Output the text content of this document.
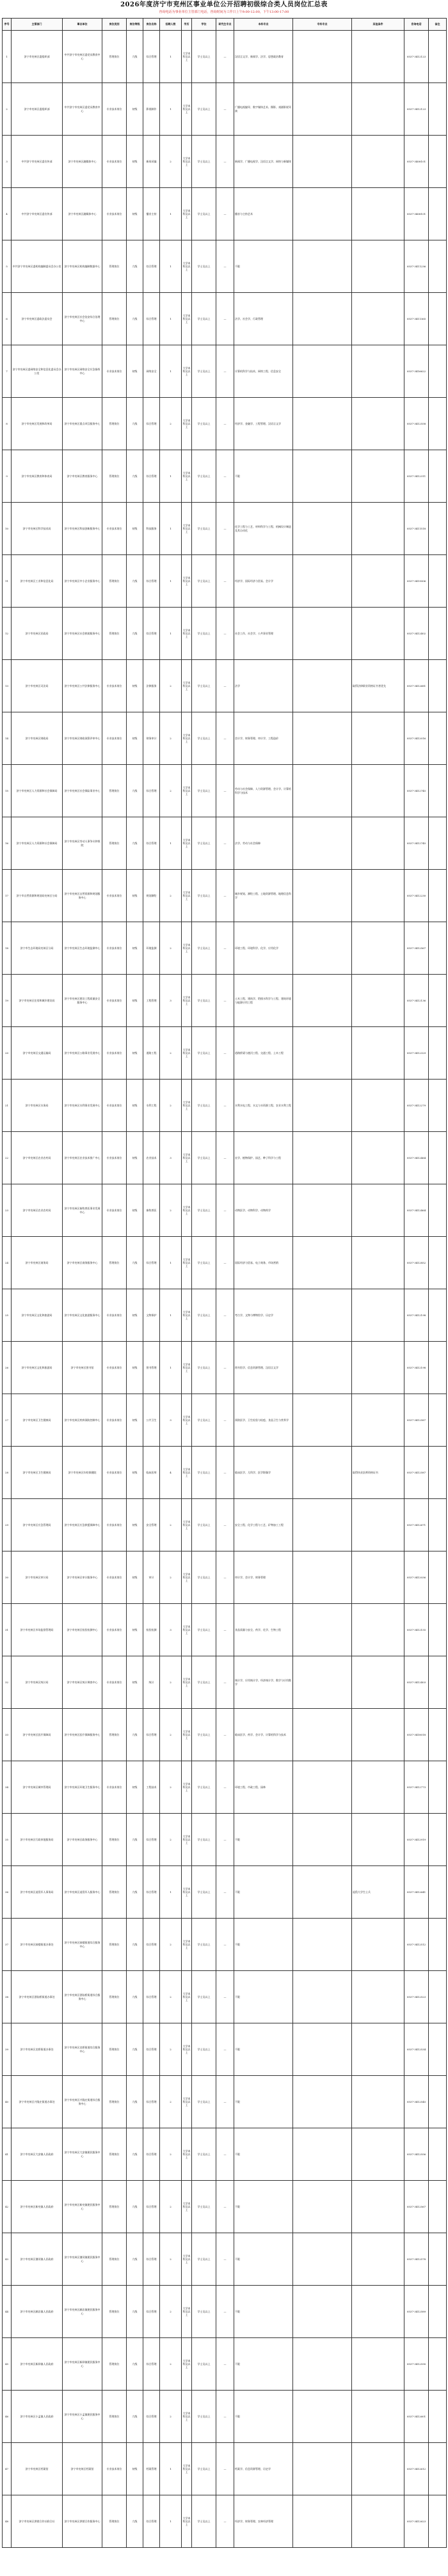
2026年度济宁市兖州区事业单位公开招聘初级综合类人员岗位汇总表
咨询电话为事业单位主管部门电话，咨询时间为工作日上午9:00-12:00，下午13:00-17:00
序号	主管部门	事业单位	岗位类别	岗位等级	岗位名称	招聘人数	学历	学位	研究生专业	本科专业	专科专业	其他条件	咨询电话	备注
1	济宁市兖州区委组织部	中共济宁市兖州区委党员教育中心	管理岗位	九级	综合管理	1	大学本科及以上	学士及以上	—	汉语言文学、新闻学、法学、思想政治教育			0537-3412123	
2	济宁市兖州区委组织部	中共济宁市兖州区委党员教育中心	专业技术岗位	初级	影视制作	1	大学本科及以上	学士及以上	—	广播电视编导、数字媒体艺术、摄影、戏剧影视导演			0537-3412123	
3	中共济宁市兖州区委宣传部	济宁市兖州区融媒体中心	专业技术岗位	初级	新闻采编	2	大学本科及以上	学士及以上	—	新闻学、广播电视学、汉语言文学、网络与新媒体			0537-3408101	
4	中共济宁市兖州区委宣传部	济宁市兖州区融媒体中心	专业技术岗位	初级	播音主持	1	大学本科及以上	学士及以上	—	播音与主持艺术			0537-3408101	
5	中共济宁市兖州区委机构编制委员会办公室	济宁市兖州区机构编制数据中心	管理岗位	九级	综合管理	1	大学本科及以上	学士及以上	—	不限			0537-3411236	
6	济宁市兖州区委政法委员会	济宁市兖州区社会治安综合治理中心	管理岗位	九级	综合管理	1	大学本科及以上	学士及以上	—	法学、社会学、行政管理			0537-3411365	
7	济宁市兖州区委网络安全和信息化委员会办公室	济宁市兖州区网络安全应急指挥中心	专业技术岗位	初级	网络安全	1	大学本科及以上	学士及以上	—	计算机科学与技术、网络工程、信息安全			0537-3416622	
8	济宁市兖州区发展和改革局	济宁市兖州区重点项目服务中心	管理岗位	九级	综合管理	2	大学本科及以上	学士及以上	—	经济学、金融学、工程管理、汉语言文学			0537-3412558	
9	济宁市兖州区教育和体育局	济宁市兖州区教育服务中心	管理岗位	九级	综合管理	1	大学本科及以上	学士及以上	—	不限			0537-3412311	
10	济宁市兖州区科学技术局	济宁市兖州区科技创新服务中心	专业技术岗位	初级	科技服务	1	大学本科及以上	学士及以上	—	化学工程与工艺、材料科学与工程、机械设计制造及其自动化			0537-3411518	
11	济宁市兖州区工业和信息化局	济宁市兖州区中小企业服务中心	管理岗位	九级	综合管理	1	大学本科及以上	学士及以上	—	经济学、国际经济与贸易、会计学			0537-3419006	
12	济宁市兖州区民政局	济宁市兖州区社会救助服务中心	管理岗位	九级	综合管理	1	大学本科及以上	学士及以上	—	社会工作、社会学、公共事业管理			0537-3412402	
13	济宁市兖州区司法局	济宁市兖州区公共法律服务中心	专业技术岗位	初级	法律服务	2	大学本科及以上	学士及以上	—	法学		取得法律职业资格证书者优先	0537-3412681	
14	济宁市兖州区财政局	济宁市兖州区财政预算评审中心	专业技术岗位	初级	财务审计	2	大学本科及以上	学士及以上	—	会计学、财务管理、审计学、工程造价			0537-3412016	
15	济宁市兖州区人力资源和社会保障局	济宁市兖州区社会保险事业中心	管理岗位	九级	综合管理	2	大学本科及以上	学士及以上	—	劳动与社会保障、人力资源管理、会计学、计算机科学与技术			0537-3412745	
16	济宁市兖州区人力资源和社会保障局	济宁市兖州区劳动人事争议仲裁院	管理岗位	九级	综合管理	1	大学本科及以上	学士及以上	—	法学、劳动与社会保障			0537-3412745	
17	济宁市自然资源和规划局兖州区分局	济宁市兖州区自然资源和规划服务中心	专业技术岗位	初级	规划测绘	2	大学本科及以上	学士及以上	—	城乡规划、测绘工程、土地资源管理、地理信息科学			0537-3412230	
18	济宁市生态环境局兖州区分局	济宁市兖州区生态环境监测中心	专业技术岗位	初级	环境监测	2	大学本科及以上	学士及以上	—	环境工程、环境科学、化学、应用化学			0537-3412567	
19	济宁市兖州区住房和城乡建设局	济宁市兖州区建设工程质量安全服务中心	专业技术岗位	初级	工程管理	3	大学本科及以上	学士及以上	—	土木工程、建筑学、给排水科学与工程、建筑环境与能源应用工程			0537-3412136	
20	济宁市兖州区交通运输局	济宁市兖州区公路事业发展中心	专业技术岗位	初级	道路工程	2	大学本科及以上	学士及以上	—	道路桥梁与渡河工程、交通工程、土木工程			0537-3412329	
21	济宁市兖州区水务局	济宁市兖州区水利事业发展中心	专业技术岗位	初级	水利工程	2	大学本科及以上	学士及以上	—	水利水电工程、水文与水资源工程、农业水利工程			0537-3412279	
22	济宁市兖州区农业农村局	济宁市兖州区农业技术推广中心	专业技术岗位	初级	农业技术	3	大学本科及以上	学士及以上	—	农学、植物保护、园艺、种子科学与工程			0537-3412464	
23	济宁市兖州区农业农村局	济宁市兖州区畜牧兽医事业发展中心	专业技术岗位	初级	畜牧兽医	2	大学本科及以上	学士及以上	—	动物医学、动物科学、动物药学			0537-3412464	
24	济宁市兖州区商务局	济宁市兖州区商务服务中心	管理岗位	九级	综合管理	1	大学本科及以上	学士及以上	—	国际经济与贸易、电子商务、市场营销			0537-3412852	
25	济宁市兖州区文化和旅游局	济宁市兖州区文化旅游服务中心	专业技术岗位	初级	文物保护	1	大学本科及以上	学士及以上	—	考古学、文物与博物馆学、历史学			0537-3412198	
26	济宁市兖州区文化和旅游局	济宁市兖州区图书馆	专业技术岗位	初级	图书管理	1	大学本科及以上	学士及以上	—	图书馆学、信息资源管理、汉语言文学			0537-3412198	
27	济宁市兖州区卫生健康局	济宁市兖州区疾病预防控制中心	专业技术岗位	初级	公共卫生	3	大学本科及以上	学士及以上	—	预防医学、卫生检验与检疫、食品卫生与营养学			0537-3412587	
28	济宁市兖州区卫生健康局	济宁市兖州区妇幼保健院	专业技术岗位	初级	临床医师	4	大学本科及以上	学士及以上	—	临床医学、儿科学、医学影像学		取得执业医师资格证书	0537-3412587	
29	济宁市兖州区应急管理局	济宁市兖州区应急救援保障中心	专业技术岗位	初级	安全管理	2	大学本科及以上	学士及以上	—	安全工程、化学工程与工艺、矿物加工工程			0537-3412671	
30	济宁市兖州区审计局	济宁市兖州区审计服务中心	专业技术岗位	初级	审计	2	大学本科及以上	学士及以上	—	审计学、会计学、财务管理			0537-3412036	
31	济宁市兖州区市场监督管理局	济宁市兖州区检验检测中心	专业技术岗位	初级	检验检测	3	大学本科及以上	学士及以上	—	食品质量与安全、药学、化学、生物工程			0537-3412155	
32	济宁市兖州区统计局	济宁市兖州区统计调查中心	专业技术岗位	初级	统计	2	大学本科及以上	学士及以上	—	统计学、应用统计学、经济统计学、数学与应用数学			0537-3412403	
33	济宁市兖州区医疗保障局	济宁市兖州区医疗保障服务中心	管理岗位	九级	综合管理	2	大学本科及以上	学士及以上	—	临床医学、药学、会计学、计算机科学与技术			0537-3418018	
34	济宁市兖州区城市管理局	济宁市兖州区环境卫生服务中心	专业技术岗位	初级	工程技术	2	大学本科及以上	学士及以上	—	环境工程、市政工程、园林			0537-3412773	
35	济宁市兖州区行政审批服务局	济宁市兖州区政务服务中心	管理岗位	九级	综合管理	2	大学本科及以上	学士及以上	—	不限			0537-3412919	
36	济宁市兖州区退役军人事务局	济宁市兖州区退役军人服务中心	管理岗位	九级	综合管理	1	大学本科及以上	学士及以上	—	不限		退役大学生士兵	0537-3412641	
37	济宁市兖州区鼓楼街道办事处	济宁市兖州区鼓楼街道综合服务中心	管理岗位	九级	综合管理	2	大学本科及以上	学士及以上	—	不限			0537-3412512	
38	济宁市兖州区酒仙桥街道办事处	济宁市兖州区酒仙桥街道综合服务中心	管理岗位	九级	综合管理	2	大学本科及以上	学士及以上	—	不限			0537-3412523	
39	济宁市兖州区龙桥街道办事处	济宁市兖州区龙桥街道综合服务中心	管理岗位	九级	综合管理	2	大学本科及以上	学士及以上	—	不限			0537-3412534	
40	济宁市兖州区兴隆庄街道办事处	济宁市兖州区兴隆庄街道综合服务中心	管理岗位	九级	综合管理	2	大学本科及以上	学士及以上	—	不限			0537-3412545	
41	济宁市兖州区大安镇人民政府	济宁市兖州区大安镇便民服务中心	管理岗位	九级	综合管理	2	大学本科及以上	学士及以上	—	不限			0537-3412556	
42	济宁市兖州区新兖镇人民政府	济宁市兖州区新兖镇便民服务中心	管理岗位	九级	综合管理	2	大学本科及以上	学士及以上	—	不限			0537-3412567	
43	济宁市兖州区漕河镇人民政府	济宁市兖州区漕河镇便民服务中心	管理岗位	九级	综合管理	2	大学本科及以上	学士及以上	—	不限			0537-3412578	
44	济宁市兖州区颜店镇人民政府	济宁市兖州区颜店镇便民服务中心	管理岗位	九级	综合管理	2	大学本科及以上	学士及以上	—	不限			0537-3412589	
45	济宁市兖州区新驿镇人民政府	济宁市兖州区新驿镇便民服务中心	管理岗位	九级	综合管理	2	大学本科及以上	学士及以上	—	不限			0537-3412590	
46	济宁市兖州区小孟镇人民政府	济宁市兖州区小孟镇便民服务中心	管理岗位	九级	综合管理	2	大学本科及以上	学士及以上	—	不限			0537-3412601	
47	济宁市兖州区档案馆	济宁市兖州区档案馆	专业技术岗位	初级	档案管理	1	大学本科及以上	学士及以上	—	档案学、信息资源管理、历史学			0537-3412612	
48	济宁市兖州区供销合作社联合社	济宁市兖州区供销合作服务中心	管理岗位	九级	综合管理	1	大学本科及以上	学士及以上	—	经济学、财务管理、农林经济管理			0537-3412623	
